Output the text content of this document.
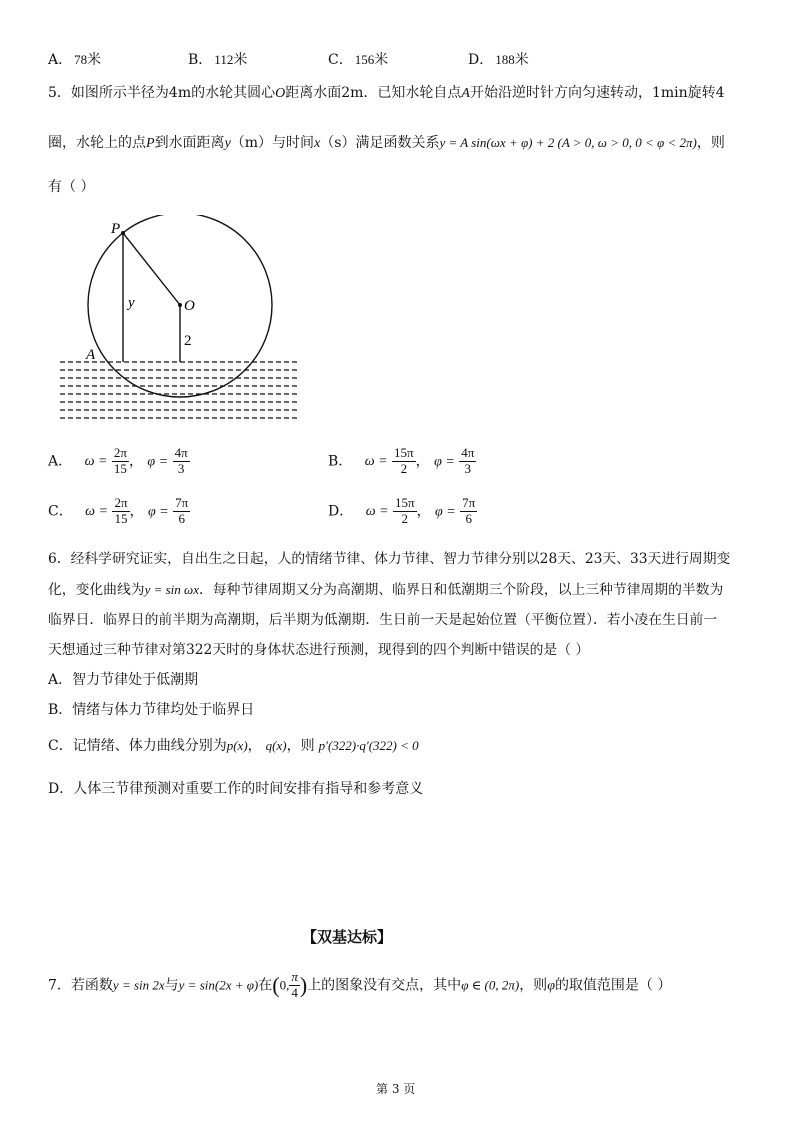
A． 78米	B． 112米	C． 156米	D． 188米
5．如图所示半径为4m的水轮其圆心O距离水面2m．已知水轮自点A开始沿逆时针方向匀速转动，1min旋转4
圈，水轮上的点P到水面距离y（m）与时间x（s）满足函数关系y = A sin(ωx + φ) + 2 (A > 0, ω > 0, 0 < φ < 2π)，则
有（ ）
P
y	O
2
A
A． $\omega = \frac{2\pi}{15}$ ， $\varphi = \frac{4\pi}{3}$	B． $\omega = \frac{15\pi}{2}$ ， $\varphi = \frac{4\pi}{3}$
C． $\omega = \frac{2\pi}{15}$ ， $\varphi = \frac{7\pi}{6}$	D． $\omega = \frac{15\pi}{2}$ ， $\varphi = \frac{7\pi}{6}$
6．经科学研究证实，自出生之日起，人的情绪节律、体力节律、智力节律分别以28天、23天、33天进行周期变
化，变化曲线为y = sin ωx．每种节律周期又分为高潮期、临界日和低潮期三个阶段，以上三种节律周期的半数为
临界日．临界日的前半期为高潮期，后半期为低潮期．生日前一天是起始位置（平衡位置）．若小凌在生日前一
天想通过三种节律对第322天时的身体状态进行预测，现得到的四个判断中错误的是（ ）
A．智力节律处于低潮期
B．情绪与体力节律均处于临界日
C．记情绪、体力曲线分别为p(x)， q(x)，则 p′(322)·q′(322) < 0
D．人体三节律预测对重要工作的时间安排有指导和参考意义
【双基达标】
7．若函数y = sin 2x与y = sin(2x + φ)在(0, $\frac{\pi}{4}$ )上的图象没有交点，其中φ ∈ (0, 2π)，则φ的取值范围是（ ）
第 3 页
